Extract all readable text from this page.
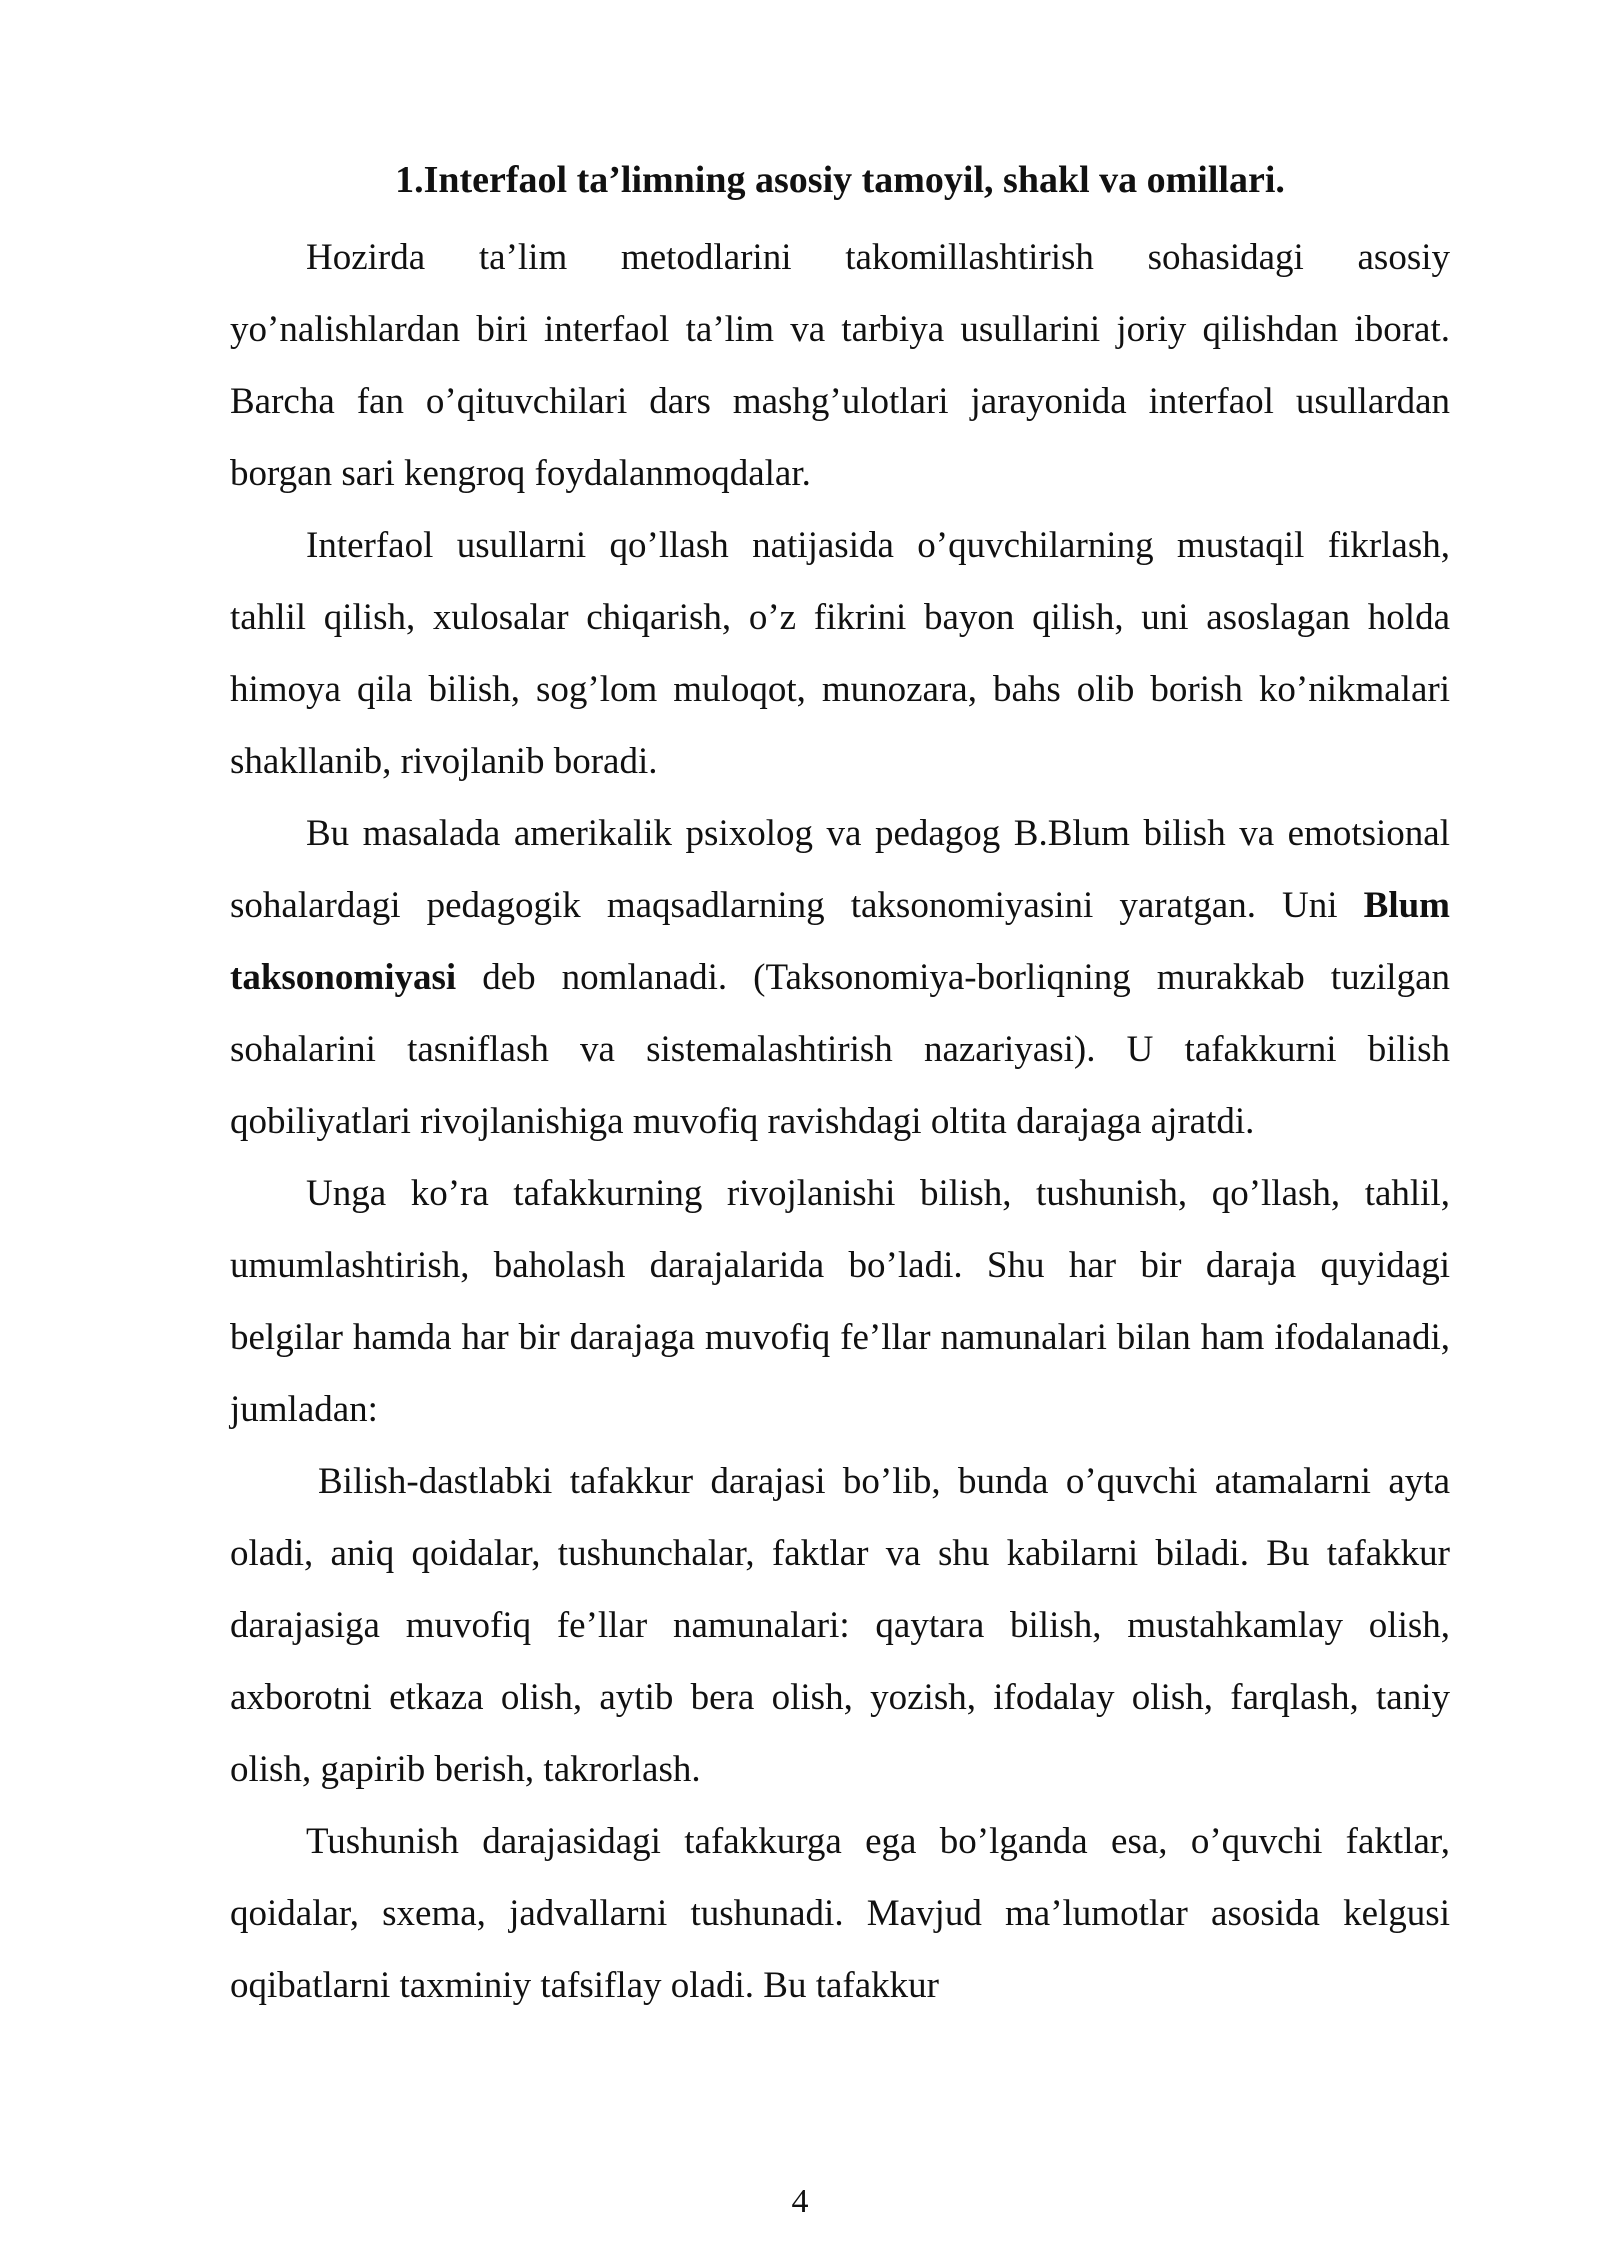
1.Interfaol ta’limning asosiy tamoyil, shakl va omillari.

Hozirda ta’lim metodlarini takomillashtirish sohasidagi asosiy yo’nalishlardan biri interfaol ta’lim va tarbiya usullarini joriy qilishdan iborat. Barcha fan o’qituvchilari dars mashg’ulotlari jarayonida interfaol usullardan borgan sari kengroq foydalanmoqdalar.

Interfaol usullarni qo’llash natijasida o’quvchilarning mustaqil fikrlash, tahlil qilish, xulosalar chiqarish, o’z fikrini bayon qilish, uni asoslagan holda himoya qila bilish, sog’lom muloqot, munozara, bahs olib borish ko’nikmalari shakllanib, rivojlanib boradi.

Bu masalada amerikalik psixolog va pedagog B.Blum bilish va emotsional sohalardagi pedagogik maqsadlarning taksonomiyasini yaratgan. Uni Blum taksonomiyasi deb nomlanadi. (Taksonomiya-borliqning murakkab tuzilgan sohalarini tasniflash va sistemalashtirish nazariyasi). U tafakkurni bilish qobiliyatlari rivojlanishiga muvofiq ravishdagi oltita darajaga ajratdi.

Unga ko’ra tafakkurning rivojlanishi bilish, tushunish, qo’llash, tahlil, umumlashtirish, baholash darajalarida bo’ladi. Shu har bir daraja quyidagi belgilar hamda har bir darajaga muvofiq fe’llar namunalari bilan ham ifodalanadi, jumladan:

Bilish-dastlabki tafakkur darajasi bo’lib, bunda o’quvchi atamalarni ayta oladi, aniq qoidalar, tushunchalar, faktlar va shu kabilarni biladi. Bu tafakkur darajasiga muvofiq fe’llar namunalari: qaytara bilish, mustahkamlay olish, axborotni etkaza olish, aytib bera olish, yozish, ifodalay olish, farqlash, taniy olish, gapirib berish, takrorlash.

Tushunish darajasidagi tafakkurga ega bo’lganda esa, o’quvchi faktlar, qoidalar, sxema, jadvallarni tushunadi. Mavjud ma’lumotlar asosida kelgusi oqibatlarni taxminiy tafsiflay oladi. Bu tafakkur

4
